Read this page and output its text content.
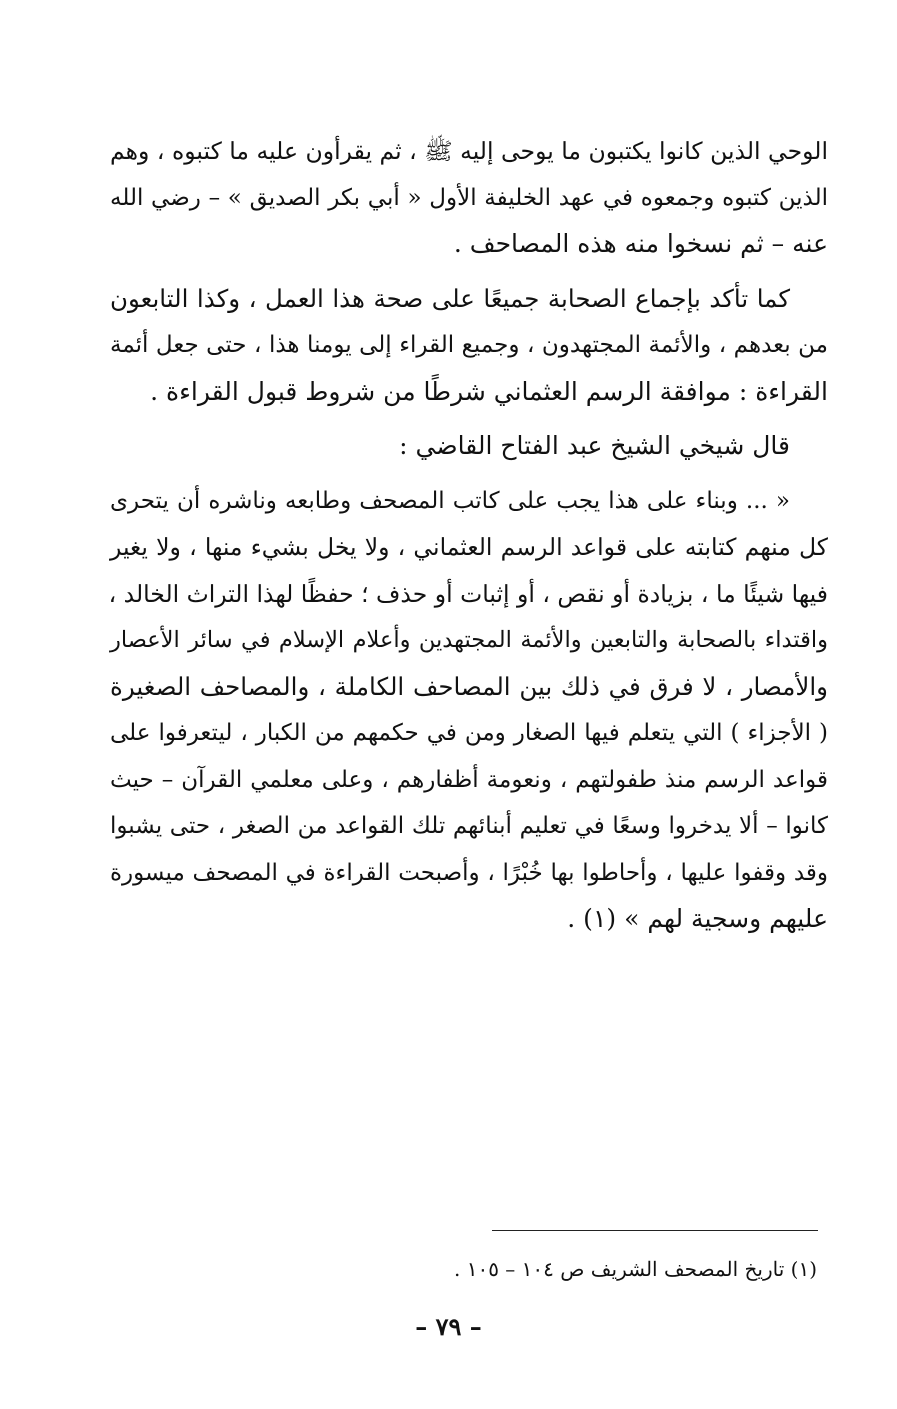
الوحي الذين كانوا يكتبون ما يوحى إليه ﷺ ، ثم يقرأون عليه ما كتبوه ، وهم
الذين كتبوه وجمعوه في عهد الخليفة الأول « أبي بكر الصديق » – رضي الله
عنه – ثم نسخوا منه هذه المصاحف .

كما تأكد بإجماع الصحابة جميعًا على صحة هذا العمل ، وكذا التابعون
من بعدهم ، والأئمة المجتهدون ، وجميع القراء إلى يومنا هذا ، حتى جعل أئمة
القراءة : موافقة الرسم العثماني شرطًا من شروط قبول القراءة .

قال شيخي الشيخ عبد الفتاح القاضي :

« ... وبناء على هذا يجب على كاتب المصحف وطابعه وناشره أن يتحرى
كل منهم كتابته على قواعد الرسم العثماني ، ولا يخل بشيء منها ، ولا يغير
فيها شيئًا ما ، بزيادة أو نقص ، أو إثبات أو حذف ؛ حفظًا لهذا التراث الخالد ،
واقتداء بالصحابة والتابعين والأئمة المجتهدين وأعلام الإسلام في سائر الأعصار
والأمصار ، لا فرق في ذلك بين المصاحف الكاملة ، والمصاحف الصغيرة
( الأجزاء ) التي يتعلم فيها الصغار ومن في حكمهم من الكبار ، ليتعرفوا على
قواعد الرسم منذ طفولتهم ، ونعومة أظفارهم ، وعلى معلمي القرآن – حيث
كانوا – ألا يدخروا وسعًا في تعليم أبنائهم تلك القواعد من الصغر ، حتى يشبوا
وقد وقفوا عليها ، وأحاطوا بها خُبْرًا ، وأصبحت القراءة في المصحف ميسورة
عليهم وسجية لهم » (١) .

(١) تاريخ المصحف الشريف ص ١٠٤ – ١٠٥ .
– ٧٩ –
